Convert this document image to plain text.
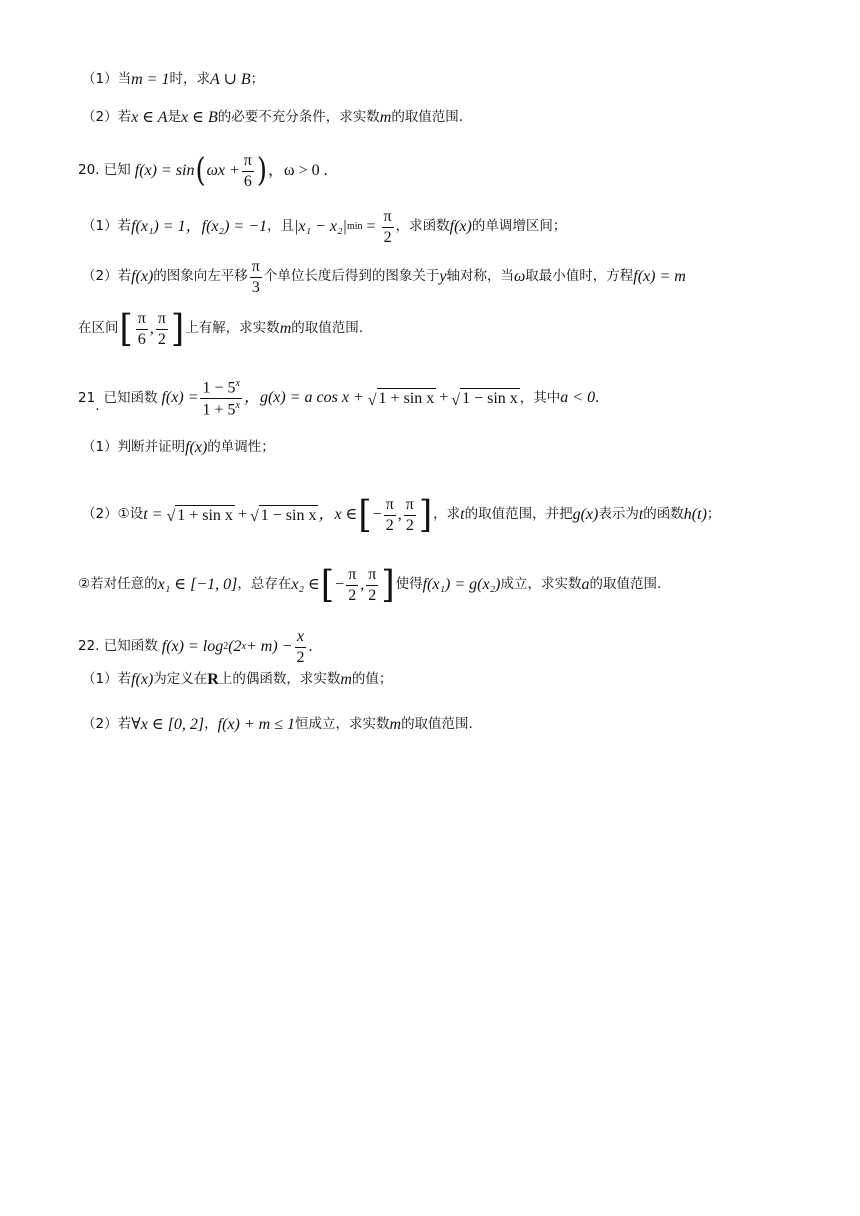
（1）当 m = 1 时，求 A ∪ B ；
（2）若 x ∈ A 是 x ∈ B 的必要不充分条件，求实数 m 的取值范围.
20. 已知 f(x) = sin ( $\omega x + \frac{\pi}{6}$ ) ，ω > 0 .
（1）若 f(x₁) = 1 ，f(x₂) = −1 ，且 |x₁ − x₂| $\min = \frac{\pi}{2}$ ，求函数 f(x) 的单调增区间；
（2）若 f(x) 的图象向左平移 $\frac{\pi}{3}$ 个单位长度后得到的图象关于 y 轴对称，当 ω 取最小值时，方程 f(x) = m
在区间 [ $\frac{\pi}{6}$ , $\frac{\pi}{2}$ ] 上有解，求实数 m 的取值范围.
21 . 已知函数 $f(x) = \frac{1 - 5^x}{1 + 5^x}$ ，g(x) = a cos x + √ 1 + sin x + √ 1 − sin x ，其中 a < 0 .
（1）判断并证明 f(x) 的单调性；
（2）①设 t = √ 1 + sin x + √ 1 − sin x ，x ∈ [ − $\frac{\pi}{2}$ , $\frac{\pi}{2}$ ] ，求 t 的取值范围，并把 g(x) 表示为 t 的函数 h(t) ；
②若对任意的 x₁ ∈ [−1, 0] ，总存在 x₂ ∈ [ − $\frac{\pi}{2}$ , $\frac{\pi}{2}$ ] 使得 f(x₁) = g(x₂) 成立，求实数 a 的取值范围.
22. 已知函数 f(x) = log 2 (2 $x + m) - \frac{x}{2}$ .
（1）若 f(x) 为定义在 R 上的偶函数，求实数 m 的值；
（2）若 ∀x ∈ [0, 2] ， f(x) + m ≤ 1 恒成立，求实数 m 的取值范围.
